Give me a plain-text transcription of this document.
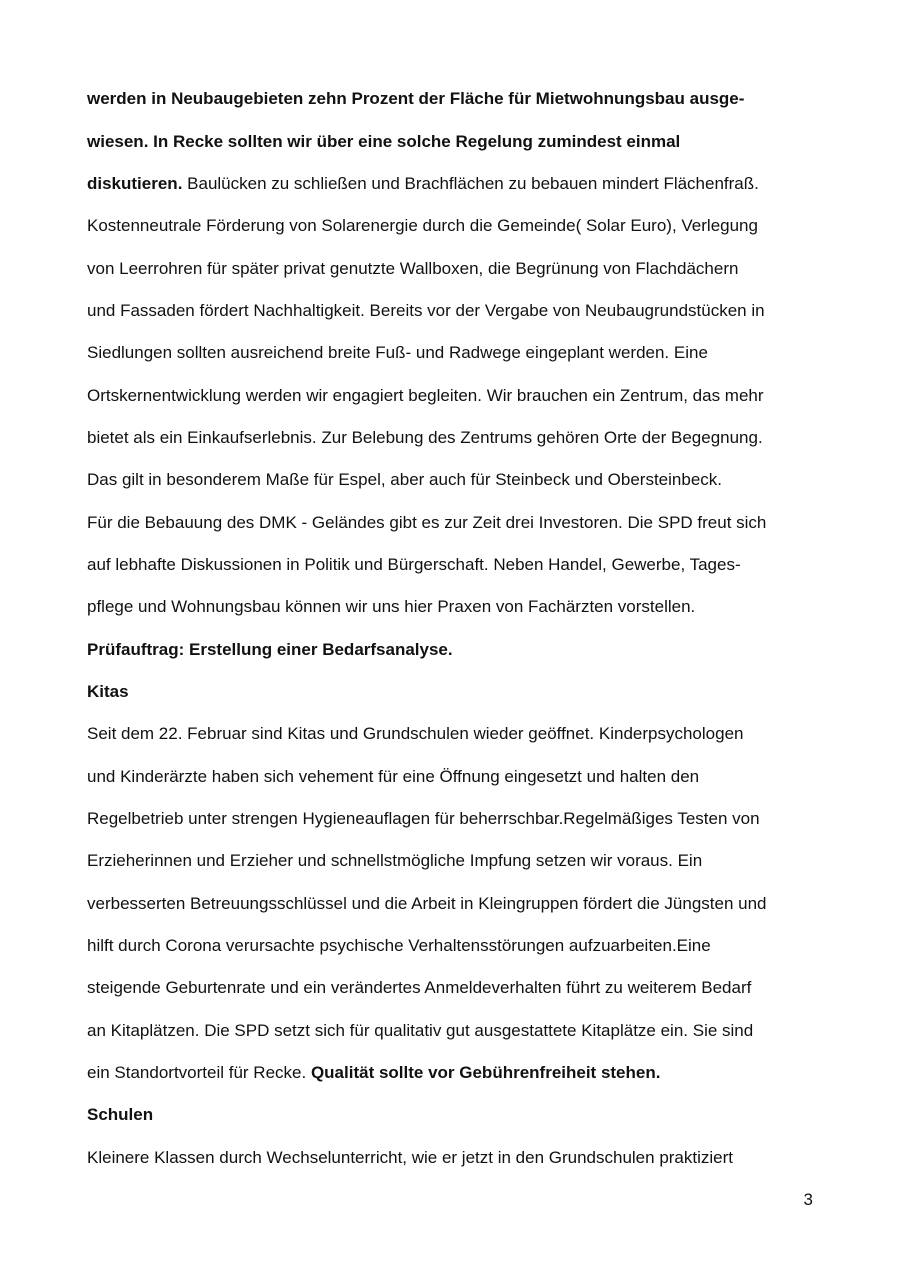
werden in Neubaugebieten zehn Prozent der Fläche für Mietwohnungsbau ausge-
wiesen. In Recke sollten wir über eine solche Regelung zumindest einmal
diskutieren. Baulücken zu schließen und Brachflächen zu bebauen mindert Flächenfraß.
Kostenneutrale Förderung von Solarenergie durch die Gemeinde( Solar Euro), Verlegung
von Leerrohren für später privat genutzte Wallboxen, die Begrünung von Flachdächern
und Fassaden fördert Nachhaltigkeit. Bereits vor der Vergabe von Neubaugrundstücken in
Siedlungen sollten ausreichend breite Fuß- und Radwege eingeplant werden. Eine
Ortskernentwicklung werden wir engagiert begleiten. Wir brauchen ein Zentrum, das mehr
bietet als ein Einkaufserlebnis. Zur Belebung des Zentrums gehören Orte der Begegnung.
Das gilt in besonderem Maße für Espel, aber auch für Steinbeck und Obersteinbeck.
Für die Bebauung des DMK - Geländes gibt es zur Zeit drei Investoren. Die SPD freut sich
auf lebhafte Diskussionen in Politik und Bürgerschaft. Neben Handel, Gewerbe, Tages-
pflege und Wohnungsbau können wir uns hier Praxen von Fachärzten vorstellen.
Prüfauftrag: Erstellung einer Bedarfsanalyse.
Kitas
Seit dem 22. Februar sind Kitas und Grundschulen wieder geöffnet. Kinderpsychologen
und Kinderärzte haben sich vehement für eine Öffnung eingesetzt und halten den
Regelbetrieb unter strengen Hygieneauflagen für beherrschbar.Regelmäßiges Testen von
Erzieherinnen und Erzieher und schnellstmögliche Impfung setzen wir voraus. Ein
verbesserten Betreuungsschlüssel und die Arbeit in Kleingruppen fördert die Jüngsten und
hilft durch Corona verursachte psychische Verhaltensstörungen aufzuarbeiten.Eine
steigende Geburtenrate und ein verändertes Anmeldeverhalten führt zu weiterem Bedarf
an Kitaplätzen. Die SPD setzt sich für qualitativ gut ausgestattete Kitaplätze ein. Sie sind
ein Standortvorteil für Recke. Qualität sollte vor Gebührenfreiheit stehen.
Schulen
Kleinere Klassen durch Wechselunterricht, wie er jetzt in den Grundschulen praktiziert
3
